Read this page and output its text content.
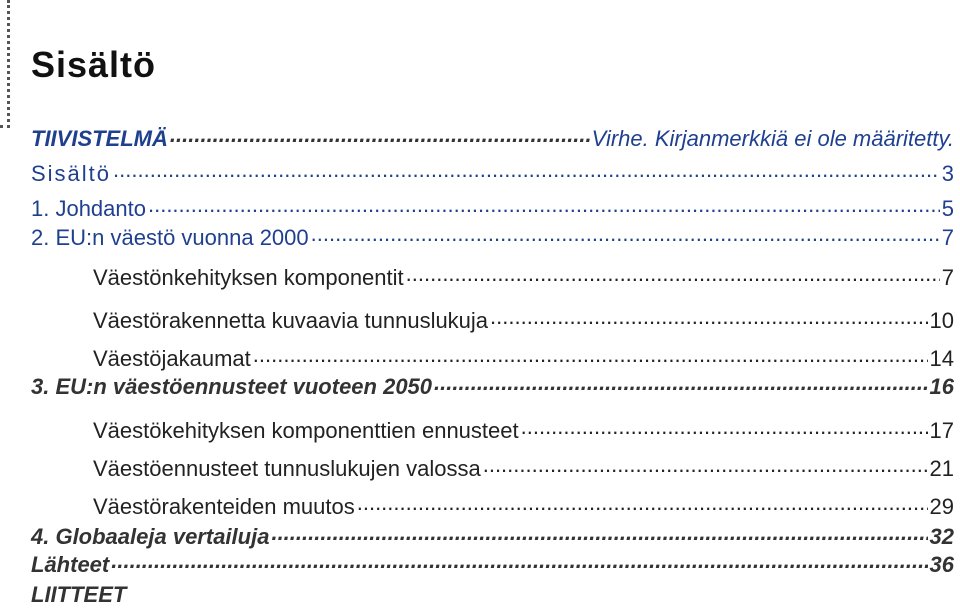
Sisältö
TIIVISTELMÄ .....	Virhe. Kirjanmerkkiä ei ole määritetty.
Sisältö .....	3
1. Johdanto .....	5
2. EU:n väestö vuonna 2000 .....	7
Väestönkehityksen komponentit .....	7
Väestörakennetta kuvaavia tunnuslukuja .....	10
Väestöjakaumat .....	14
3. EU:n väestöennusteet vuoteen 2050 .....	16
Väestökehityksen komponenttien ennusteet .....	17
Väestöennusteet tunnuslukujen valossa .....	21
Väestörakenteiden muutos .....	29
4. Globaaleja vertailuja .....	32
Lähteet .....	36
LIITTEET
